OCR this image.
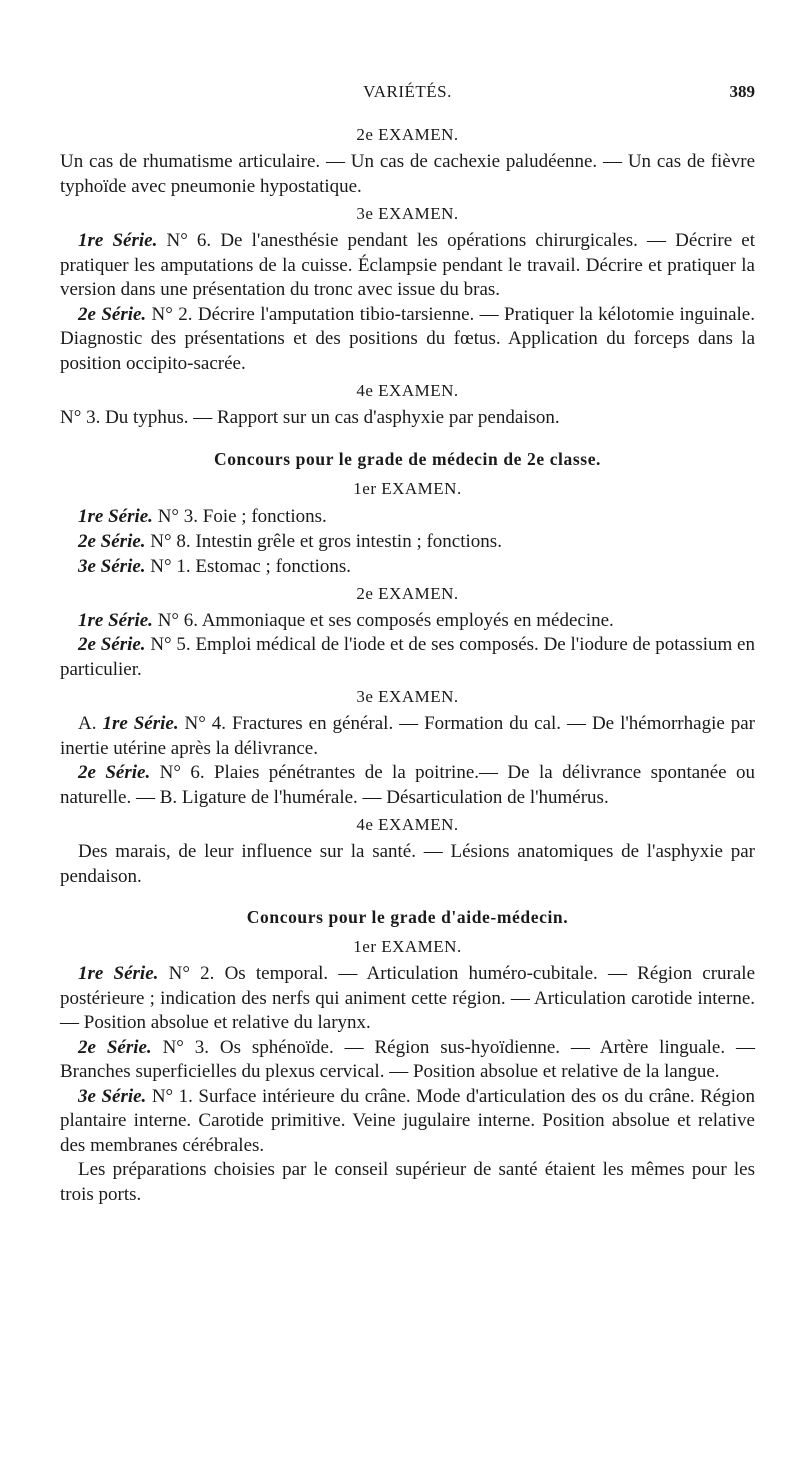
VARIÉTÉS.	389
2e EXAMEN.

Un cas de rhumatisme articulaire. — Un cas de cachexie paludéenne. — Un cas de fièvre typhoïde avec pneumonie hypostatique.

3e EXAMEN.

1re Série. N° 6. De l'anesthésie pendant les opérations chirurgicales. — Décrire et pratiquer les amputations de la cuisse. Éclampsie pendant le travail. Décrire et pratiquer la version dans une présentation du tronc avec issue du bras.

2e Série. N° 2. Décrire l'amputation tibio-tarsienne. — Pratiquer la kélotomie inguinale. Diagnostic des présentations et des positions du fœtus. Application du forceps dans la position occipito-sacrée.

4e EXAMEN.

N° 3. Du typhus. — Rapport sur un cas d'asphyxie par pendaison.

Concours pour le grade de médecin de 2e classe.
1er EXAMEN.

1re Série. N° 3. Foie ; fonctions.

2e Série. N° 8. Intestin grêle et gros intestin ; fonctions.

3e Série. N° 1. Estomac ; fonctions.

2e EXAMEN.

1re Série. N° 6. Ammoniaque et ses composés employés en médecine.

2e Série. N° 5. Emploi médical de l'iode et de ses composés. De l'iodure de potassium en particulier.

3e EXAMEN.

A. 1re Série. N° 4. Fractures en général. — Formation du cal. — De l'hémorrhagie par inertie utérine après la délivrance.

2e Série. N° 6. Plaies pénétrantes de la poitrine.— De la délivrance spontanée ou naturelle. — B. Ligature de l'humérale. — Désarticulation de l'humérus.

4e EXAMEN.

Des marais, de leur influence sur la santé. — Lésions anatomiques de l'asphyxie par pendaison.

Concours pour le grade d'aide-médecin.
1er EXAMEN.

1re Série. N° 2. Os temporal. — Articulation huméro-cubitale. — Région crurale postérieure ; indication des nerfs qui animent cette région. — Articulation carotide interne. — Position absolue et relative du larynx.

2e Série. N° 3. Os sphénoïde. — Région sus-hyoïdienne. — Artère linguale. — Branches superficielles du plexus cervical. — Position absolue et relative de la langue.

3e Série. N° 1. Surface intérieure du crâne. Mode d'articulation des os du crâne. Région plantaire interne. Carotide primitive. Veine jugulaire interne. Position absolue et relative des membranes cérébrales.

Les préparations choisies par le conseil supérieur de santé étaient les mêmes pour les trois ports.
